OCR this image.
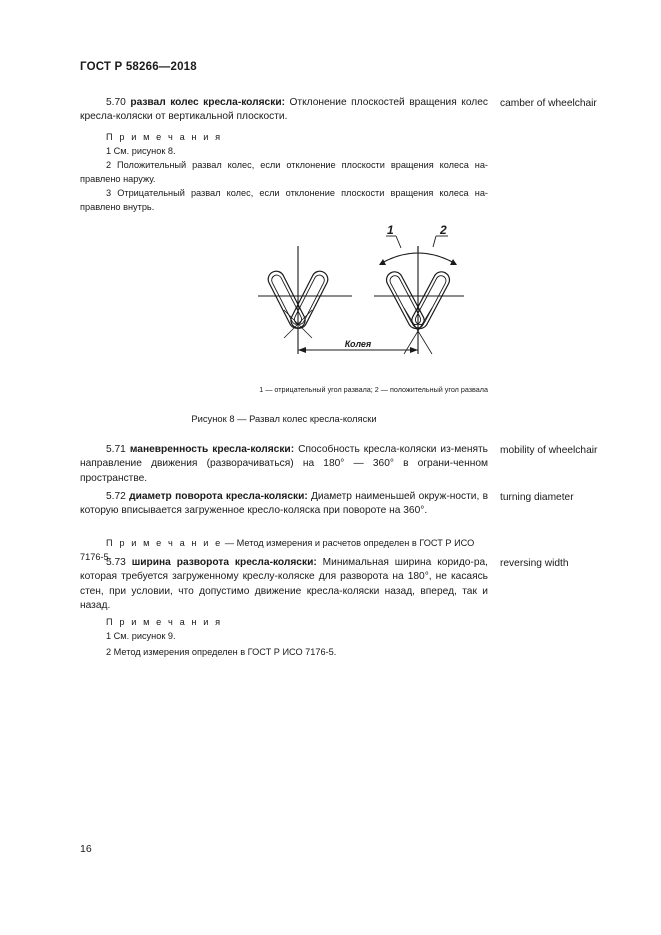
ГОСТ Р 58266—2018
5.70 развал колес кресла-коляски: Отклонение плоскостей вращения колес кресла-коляски от вертикальной плоскости.
camber of wheelchair
П р и м е ч а н и я
1 См. рисунок 8.
2 Положительный развал колес, если отклонение плоскости вращения колеса на-правлено наружу.
3 Отрицательный развал колес, если отклонение плоскости вращения колеса на-правлено внутрь.
1	2
Колея
1 — отрицательный угол развала; 2 — положительный угол развала
Рисунок 8 — Развал колес кресла-коляски
5.71 маневренность кресла-коляски: Способность кресла-коляски из-менять направление движения (разворачиваться) на 180° — 360° в ограни-ченном пространстве.
mobility of wheelchair
5.72 диаметр поворота кресла-коляски: Диаметр наименьшей окруж-ности, в которую вписывается загруженное кресло-коляска при повороте на 360°.
turning diameter
П р и м е ч а н и е — Метод измерения и расчетов определен в ГОСТ Р ИСО 7176-5.
5.73 ширина разворота кресла-коляски: Минимальная ширина коридо-ра, которая требуется загруженному креслу-коляске для разворота на 180°, не касаясь стен, при условии, что допустимо движение кресла-коляски назад, вперед, так и назад.
reversing width
П р и м е ч а н и я
1 См. рисунок 9.
2 Метод измерения определен в ГОСТ Р ИСО 7176-5.
16
